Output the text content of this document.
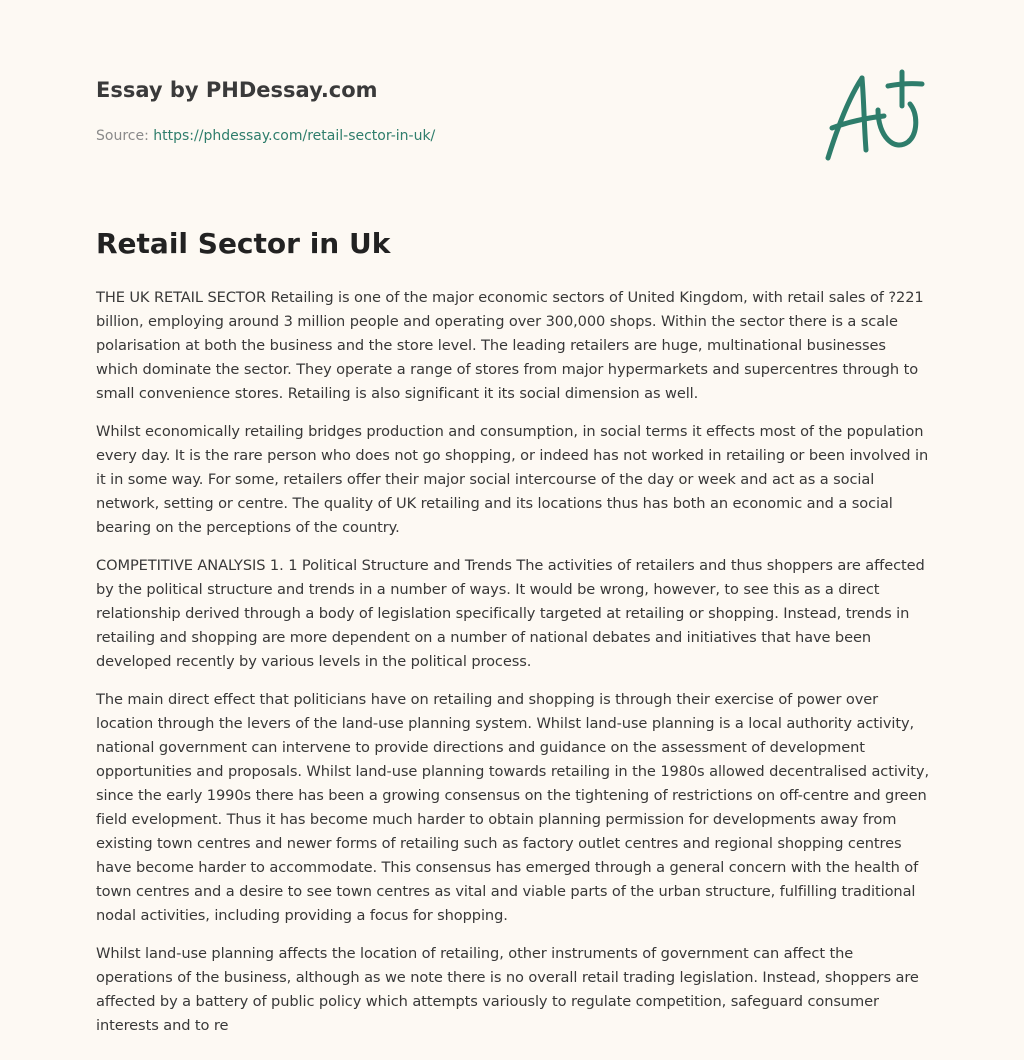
Essay by PHDessay.com
Source: https://phdessay.com/retail-sector-in-uk/
Retail Sector in Uk

THE UK RETAIL SECTOR Retailing is one of the major economic sectors of United Kingdom, with retail sales of ?221 billion, employing around 3 million people and operating over 300,000 shops. Within the sector there is a scale polarisation at both the business and the store level. The leading retailers are huge, multinational businesses which dominate the sector. They operate a range of stores from major hypermarkets and supercentres through to small convenience stores. Retailing is also significant it its social dimension as well.

Whilst economically retailing bridges production and consumption, in social terms it effects most of the population every day. It is the rare person who does not go shopping, or indeed has not worked in retailing or been involved in it in some way. For some, retailers offer their major social intercourse of the day or week and act as a social network, setting or centre. The quality of UK retailing and its locations thus has both an economic and a social bearing on the perceptions of the country.

COMPETITIVE ANALYSIS 1. 1 Political Structure and Trends The activities of retailers and thus shoppers are affected by the political structure and trends in a number of ways. It would be wrong, however, to see this as a direct relationship derived through a body of legislation specifically targeted at retailing or shopping. Instead, trends in retailing and shopping are more dependent on a number of national debates and initiatives that have been developed recently by various levels in the political process.

The main direct effect that politicians have on retailing and shopping is through their exercise of power over location through the levers of the land-use planning system. Whilst land-use planning is a local authority activity, national government can intervene to provide directions and guidance on the assessment of development opportunities and proposals. Whilst land-use planning towards retailing in the 1980s allowed decentralised activity, since the early 1990s there has been a growing consensus on the tightening of restrictions on off-centre and green field evelopment. Thus it has become much harder to obtain planning permission for developments away from existing town centres and newer forms of retailing such as factory outlet centres and regional shopping centres have become harder to accommodate. This consensus has emerged through a general concern with the health of town centres and a desire to see town centres as vital and viable parts of the urban structure, fulfilling traditional nodal activities, including providing a focus for shopping.

Whilst land-use planning affects the location of retailing, other instruments of government can affect the operations of the business, although as we note there is no overall retail trading legislation. Instead, shoppers are affected by a battery of public policy which attempts variously to regulate competition, safeguard consumer interests and to re
